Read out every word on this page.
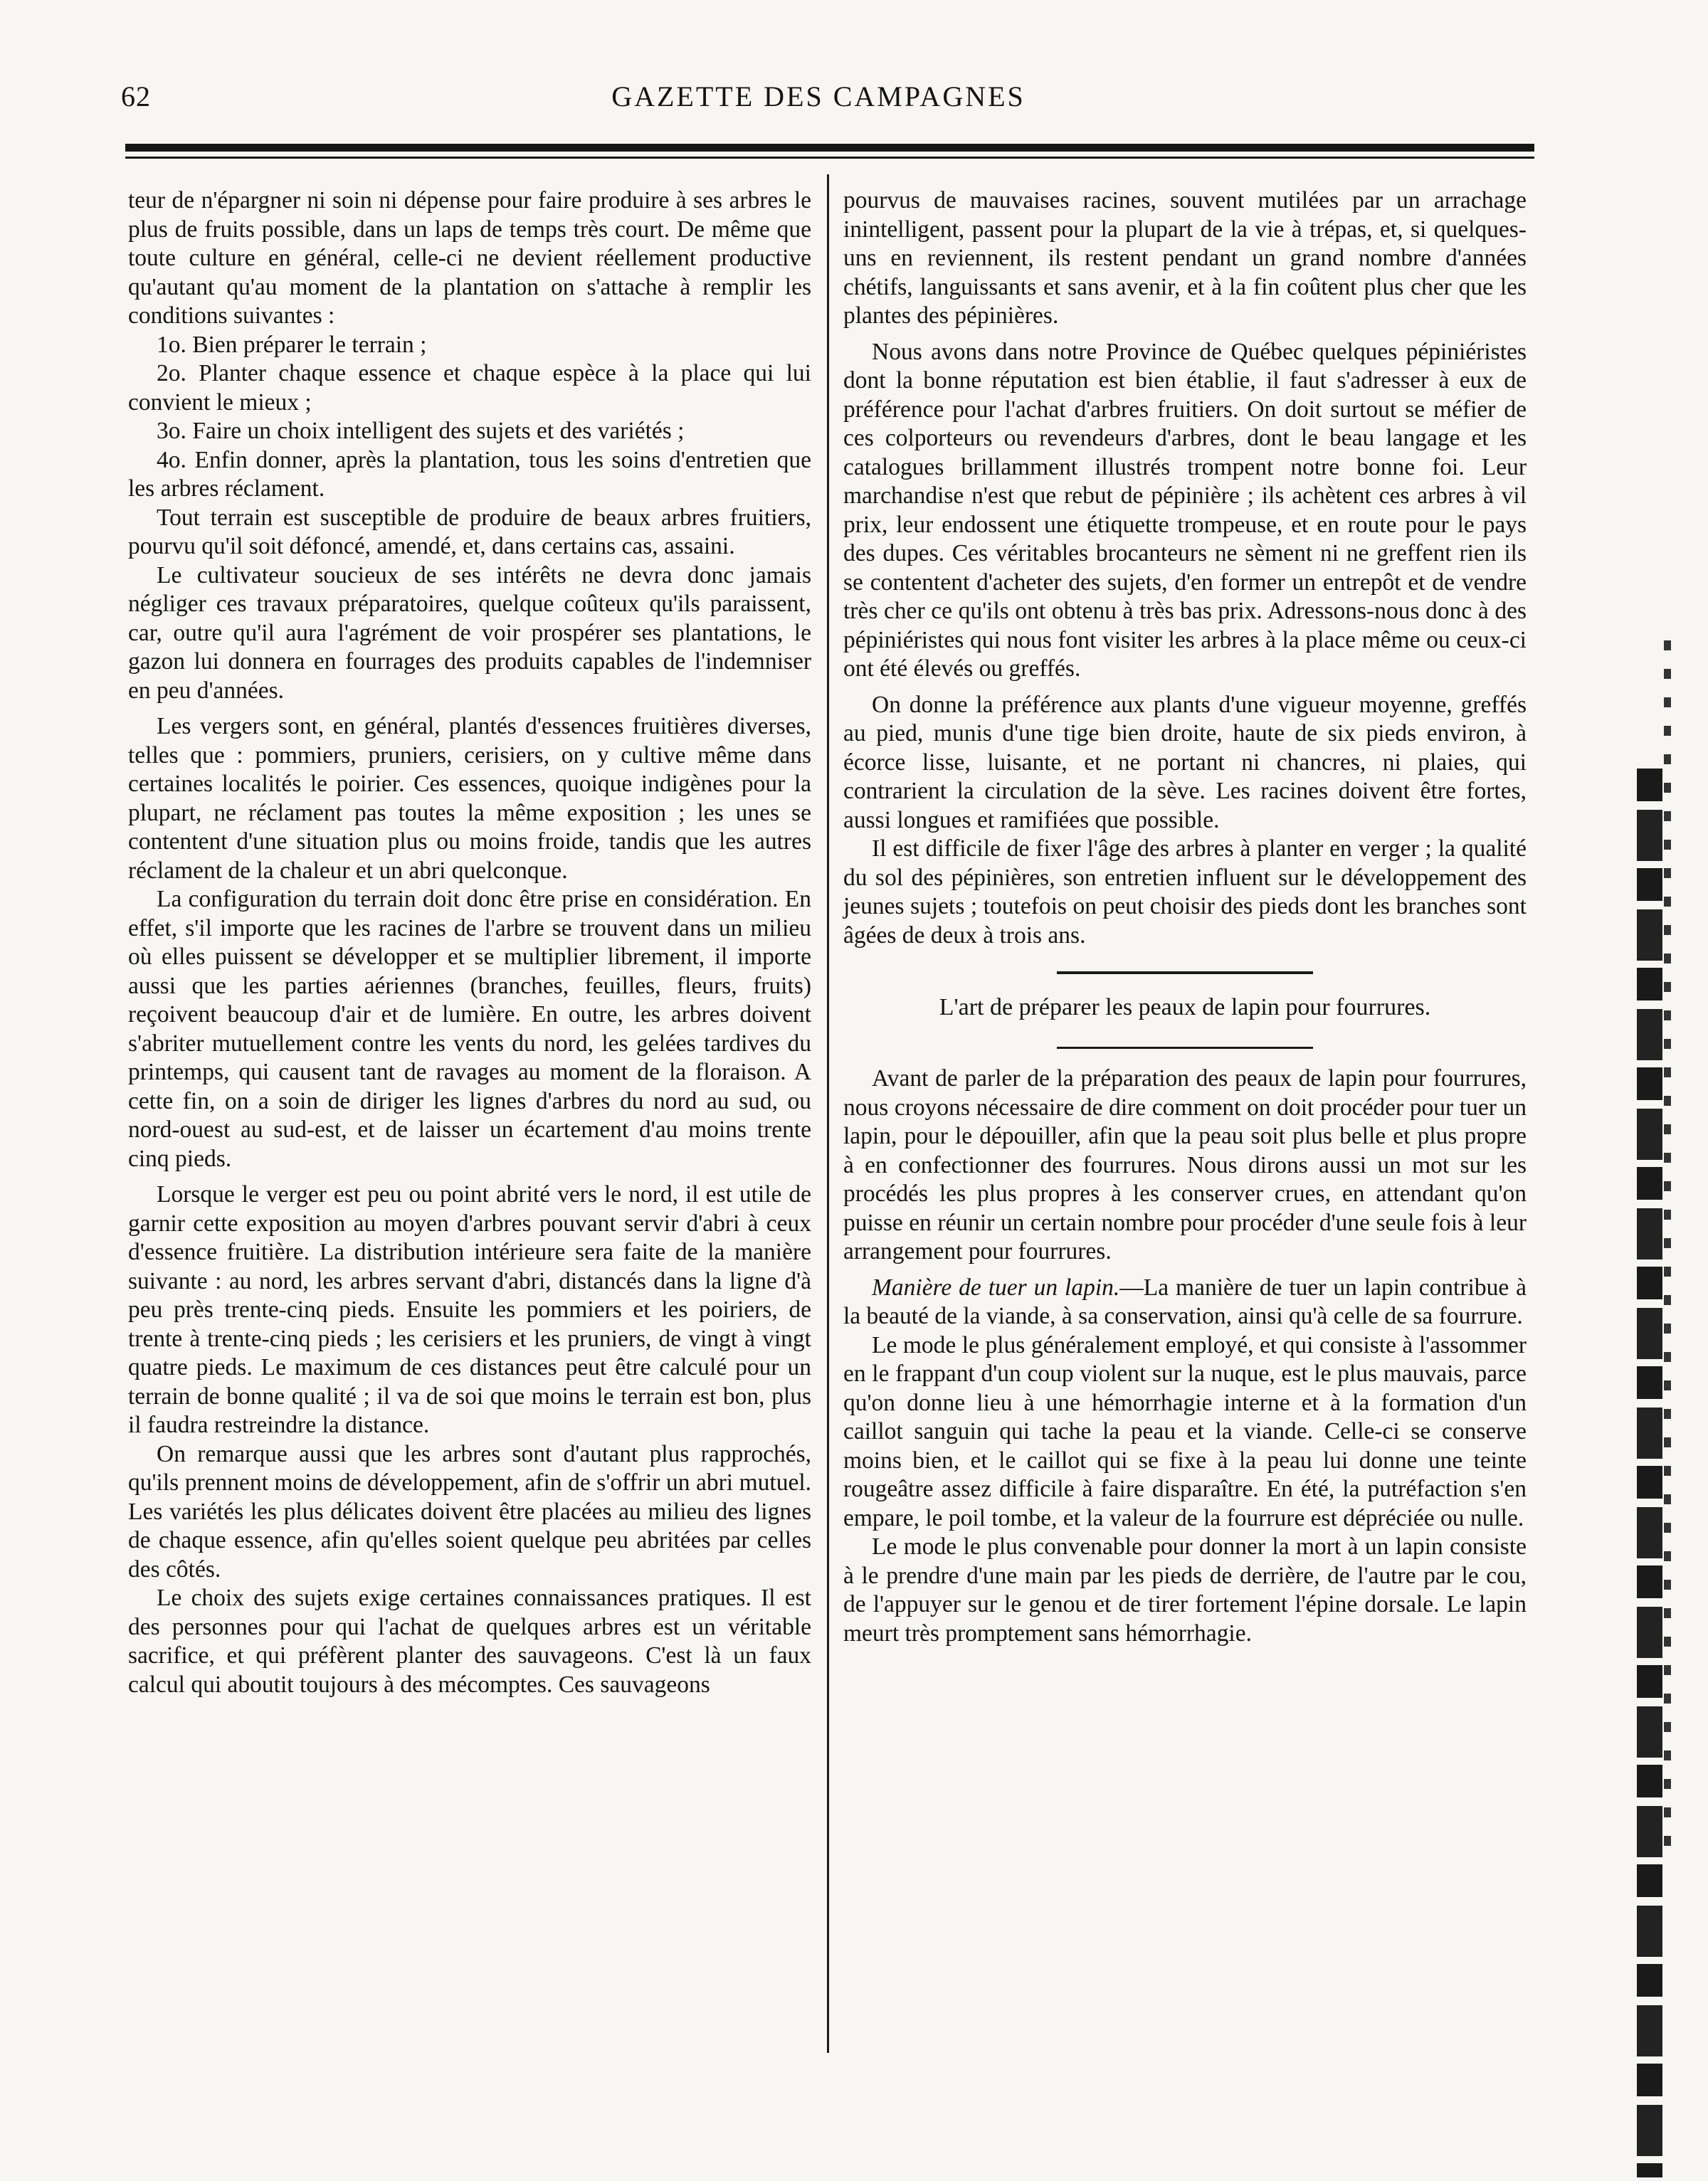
62	GAZETTE DES CAMPAGNES

teur de n'épargner ni soin ni dépense pour faire produire à ses arbres le plus de fruits possible, dans un laps de temps très court. De même que toute culture en général, celle-ci ne devient réellement productive qu'autant qu'au moment de la plantation on s'attache à remplir les conditions suivantes :

1o. Bien préparer le terrain ;

2o. Planter chaque essence et chaque espèce à la place qui lui convient le mieux ;

3o. Faire un choix intelligent des sujets et des variétés ;

4o. Enfin donner, après la plantation, tous les soins d'entretien que les arbres réclament.

Tout terrain est susceptible de produire de beaux arbres fruitiers, pourvu qu'il soit défoncé, amendé, et, dans certains cas, assaini.

Le cultivateur soucieux de ses intérêts ne devra donc jamais négliger ces travaux préparatoires, quelque coûteux qu'ils paraissent, car, outre qu'il aura l'agrément de voir prospérer ses plantations, le gazon lui donnera en fourrages des produits capables de l'indemniser en peu d'années.

Les vergers sont, en général, plantés d'essences fruitières diverses, telles que : pommiers, pruniers, cerisiers, on y cultive même dans certaines localités le poirier. Ces essences, quoique indigènes pour la plupart, ne réclament pas toutes la même exposition ; les unes se contentent d'une situation plus ou moins froide, tandis que les autres réclament de la chaleur et un abri quelconque.

La configuration du terrain doit donc être prise en considération. En effet, s'il importe que les racines de l'arbre se trouvent dans un milieu où elles puissent se développer et se multiplier librement, il importe aussi que les parties aériennes (branches, feuilles, fleurs, fruits) reçoivent beaucoup d'air et de lumière. En outre, les arbres doivent s'abriter mutuellement contre les vents du nord, les gelées tardives du printemps, qui causent tant de ravages au moment de la floraison. A cette fin, on a soin de diriger les lignes d'arbres du nord au sud, ou nord-ouest au sud-est, et de laisser un écartement d'au moins trente cinq pieds.

Lorsque le verger est peu ou point abrité vers le nord, il est utile de garnir cette exposition au moyen d'arbres pouvant servir d'abri à ceux d'essence fruitière. La distribution intérieure sera faite de la manière suivante : au nord, les arbres servant d'abri, distancés dans la ligne d'à peu près trente-cinq pieds. Ensuite les pommiers et les poiriers, de trente à trente-cinq pieds ; les cerisiers et les pruniers, de vingt à vingt quatre pieds. Le maximum de ces distances peut être calculé pour un terrain de bonne qualité ; il va de soi que moins le terrain est bon, plus il faudra restreindre la distance.

On remarque aussi que les arbres sont d'autant plus rapprochés, qu'ils prennent moins de développement, afin de s'offrir un abri mutuel. Les variétés les plus délicates doivent être placées au milieu des lignes de chaque essence, afin qu'elles soient quelque peu abritées par celles des côtés.

Le choix des sujets exige certaines connaissances pratiques. Il est des personnes pour qui l'achat de quelques arbres est un véritable sacrifice, et qui préfèrent planter des sauvageons. C'est là un faux calcul qui aboutit toujours à des mécomptes. Ces sauvageons

pourvus de mauvaises racines, souvent mutilées par un arrachage inintelligent, passent pour la plupart de la vie à trépas, et, si quelques-uns en reviennent, ils restent pendant un grand nombre d'années chétifs, languissants et sans avenir, et à la fin coûtent plus cher que les plantes des pépinières.

Nous avons dans notre Province de Québec quelques pépiniéristes dont la bonne réputation est bien établie, il faut s'adresser à eux de préférence pour l'achat d'arbres fruitiers. On doit surtout se méfier de ces colporteurs ou revendeurs d'arbres, dont le beau langage et les catalogues brillamment illustrés trompent notre bonne foi. Leur marchandise n'est que rebut de pépinière ; ils achètent ces arbres à vil prix, leur endossent une étiquette trompeuse, et en route pour le pays des dupes. Ces véritables brocanteurs ne sèment ni ne greffent rien ils se contentent d'acheter des sujets, d'en former un entrepôt et de vendre très cher ce qu'ils ont obtenu à très bas prix. Adressons-nous donc à des pépiniéristes qui nous font visiter les arbres à la place même ou ceux-ci ont été élevés ou greffés.

On donne la préférence aux plants d'une vigueur moyenne, greffés au pied, munis d'une tige bien droite, haute de six pieds environ, à écorce lisse, luisante, et ne portant ni chancres, ni plaies, qui contrarient la circulation de la sève. Les racines doivent être fortes, aussi longues et ramifiées que possible.

Il est difficile de fixer l'âge des arbres à planter en verger ; la qualité du sol des pépinières, son entretien influent sur le développement des jeunes sujets ; toutefois on peut choisir des pieds dont les branches sont âgées de deux à trois ans.

L'art de préparer les peaux de lapin pour fourrures.

Avant de parler de la préparation des peaux de lapin pour fourrures, nous croyons nécessaire de dire comment on doit procéder pour tuer un lapin, pour le dépouiller, afin que la peau soit plus belle et plus propre à en confectionner des fourrures. Nous dirons aussi un mot sur les procédés les plus propres à les conserver crues, en attendant qu'on puisse en réunir un certain nombre pour procéder d'une seule fois à leur arrangement pour fourrures.

Manière de tuer un lapin.—La manière de tuer un lapin contribue à la beauté de la viande, à sa conservation, ainsi qu'à celle de sa fourrure.

Le mode le plus généralement employé, et qui consiste à l'assommer en le frappant d'un coup violent sur la nuque, est le plus mauvais, parce qu'on donne lieu à une hémorrhagie interne et à la formation d'un caillot sanguin qui tache la peau et la viande. Celle-ci se conserve moins bien, et le caillot qui se fixe à la peau lui donne une teinte rougeâtre assez difficile à faire disparaître. En été, la putréfaction s'en empare, le poil tombe, et la valeur de la fourrure est dépréciée ou nulle.

Le mode le plus convenable pour donner la mort à un lapin consiste à le prendre d'une main par les pieds de derrière, de l'autre par le cou, de l'appuyer sur le genou et de tirer fortement l'épine dorsale. Le lapin meurt très promptement sans hémorrhagie.
